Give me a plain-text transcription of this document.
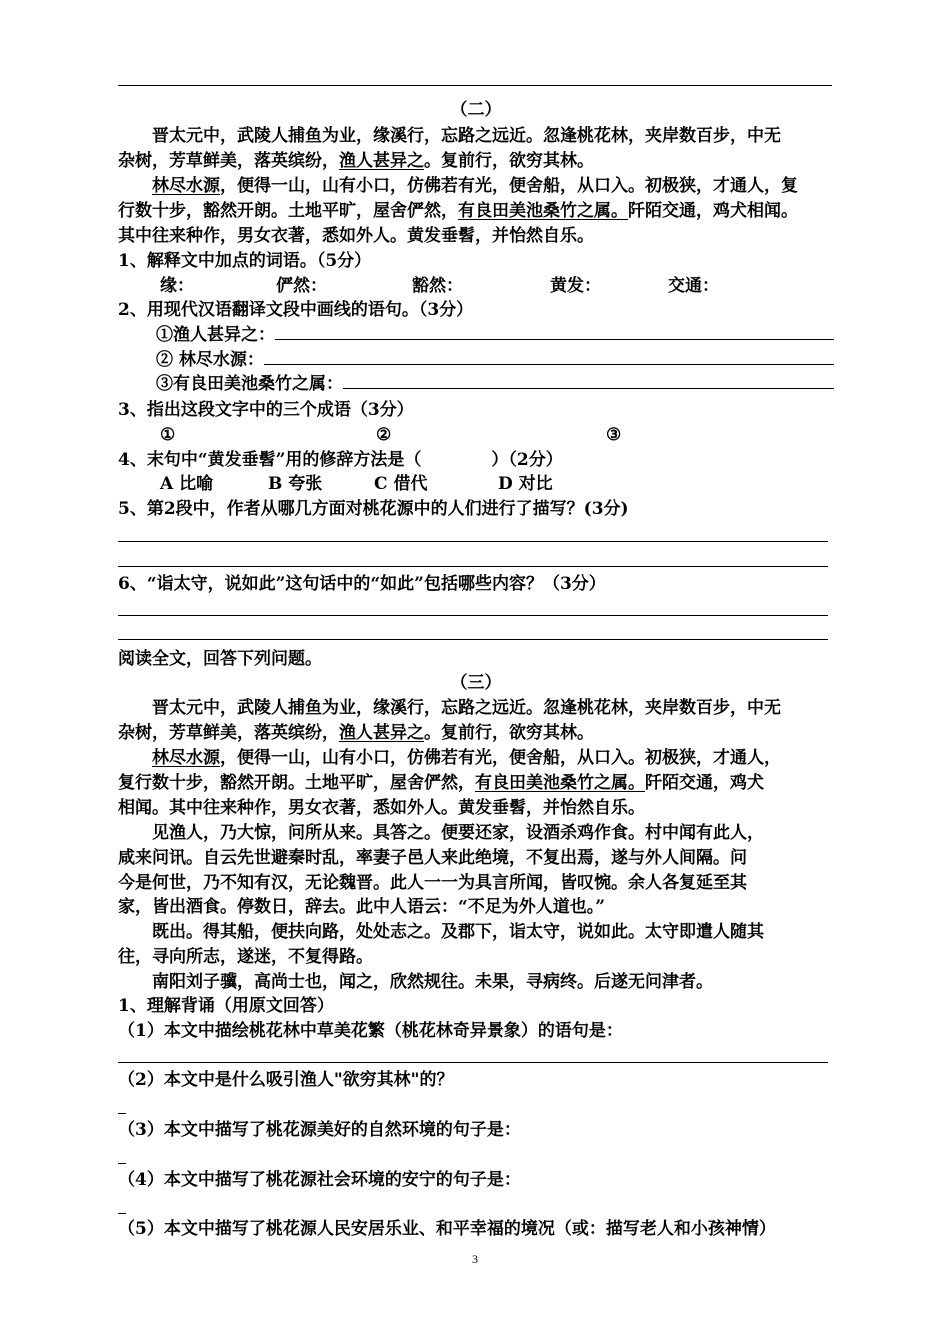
（二）
　　晋太元中，武陵人捕鱼为业，缘溪行，忘路之远近。忽逢桃花林，夹岸数百步，中无
杂树，芳草鲜美，落英缤纷，渔人甚异之。复前行，欲穷其林。
　　林尽水源，便得一山，山有小口，仿佛若有光，便舍船，从口入。初极狭，才通人，复
行数十步，豁然开朗。土地平旷，屋舍俨然，有良田美池桑竹之属。阡陌交通，鸡犬相闻。
其中往来种作，男女衣著，悉如外人。黄发垂髫，并怡然自乐。
1、解释文中加点的词语。（5分）
缘：	俨然：	豁然：	黄发：	交通：
2、用现代汉语翻译文段中画线的语句。（3分）
①渔人甚异之：
② 林尽水源：
③有良田美池桑竹之属：
3、指出这段文字中的三个成语（3分）
①	②	③
4、末句中“黄发垂髫”用的修辞方法是（	）（2分）
A 比喻	B 夸张	C 借代	D 对比
5、第2段中，作者从哪几方面对桃花源中的人们进行了描写？(3分)
6、“诣太守，说如此”这句话中的“如此”包括哪些内容？（3分）
阅读全文，回答下列问题。
（三）
　　晋太元中，武陵人捕鱼为业，缘溪行，忘路之远近。忽逢桃花林，夹岸数百步，中无
杂树，芳草鲜美，落英缤纷，渔人甚异之。复前行，欲穷其林。
　　林尽水源，便得一山，山有小口，仿佛若有光，便舍船，从口入。初极狭，才通人，
复行数十步，豁然开朗。土地平旷，屋舍俨然，有良田美池桑竹之属。阡陌交通，鸡犬
相闻。其中往来种作，男女衣著，悉如外人。黄发垂髫，并怡然自乐。
　　见渔人，乃大惊，问所从来。具答之。便要还家，设酒杀鸡作食。村中闻有此人，
咸来问讯。自云先世避秦时乱，率妻子邑人来此绝境，不复出焉，遂与外人间隔。问
今是何世，乃不知有汉，无论魏晋。此人一一为具言所闻，皆叹惋。余人各复延至其
家，皆出酒食。停数日，辞去。此中人语云：“不足为外人道也。”
　　既出。得其船，便扶向路，处处志之。及郡下，诣太守，说如此。太守即遣人随其
往，寻向所志，遂迷，不复得路。
　　南阳刘子骥，高尚士也，闻之，欣然规往。未果，寻病终。后遂无问津者。
1、理解背诵（用原文回答）
（1）本文中描绘桃花林中草美花繁（桃花林奇异景象）的语句是：
（2）本文中是什么吸引渔人"欲穷其林"的？
（3）本文中描写了桃花源美好的自然环境的句子是：
（4）本文中描写了桃花源社会环境的安宁的句子是：
（5）本文中描写了桃花源人民安居乐业、和平幸福的境况（或：描写老人和小孩神情）
3
